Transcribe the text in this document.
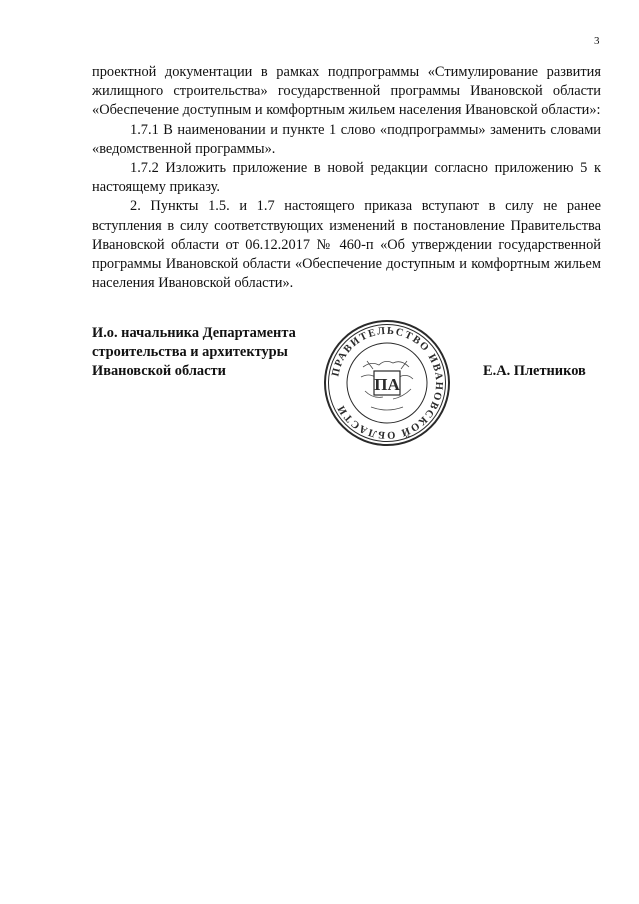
3

проектной документации в рамках подпрограммы «Стимулирование развития жилищного строительства» государственной программы Ивановской области «Обеспечение доступным и комфортным жильем населения Ивановской области»:

1.7.1 В наименовании и пункте 1 слово «подпрограммы» заменить словами «ведомственной программы».

1.7.2 Изложить приложение в новой редакции согласно приложению 5 к настоящему приказу.

2. Пункты 1.5. и 1.7 настоящего приказа вступают в силу не ранее вступления в силу соответствующих изменений в постановление Правительства Ивановской области от 06.12.2017 № 460-п «Об утверждении государственной программы Ивановской области «Обеспечение доступным и комфортным жильем населения Ивановской области».

И.о. начальника Департамента
строительства и архитектуры
Ивановской области	ПРАВИТЕЛЬСТВО ИВАНОВСКОЙ ОБЛАСТИ
ПА
Е.А. Плетников
